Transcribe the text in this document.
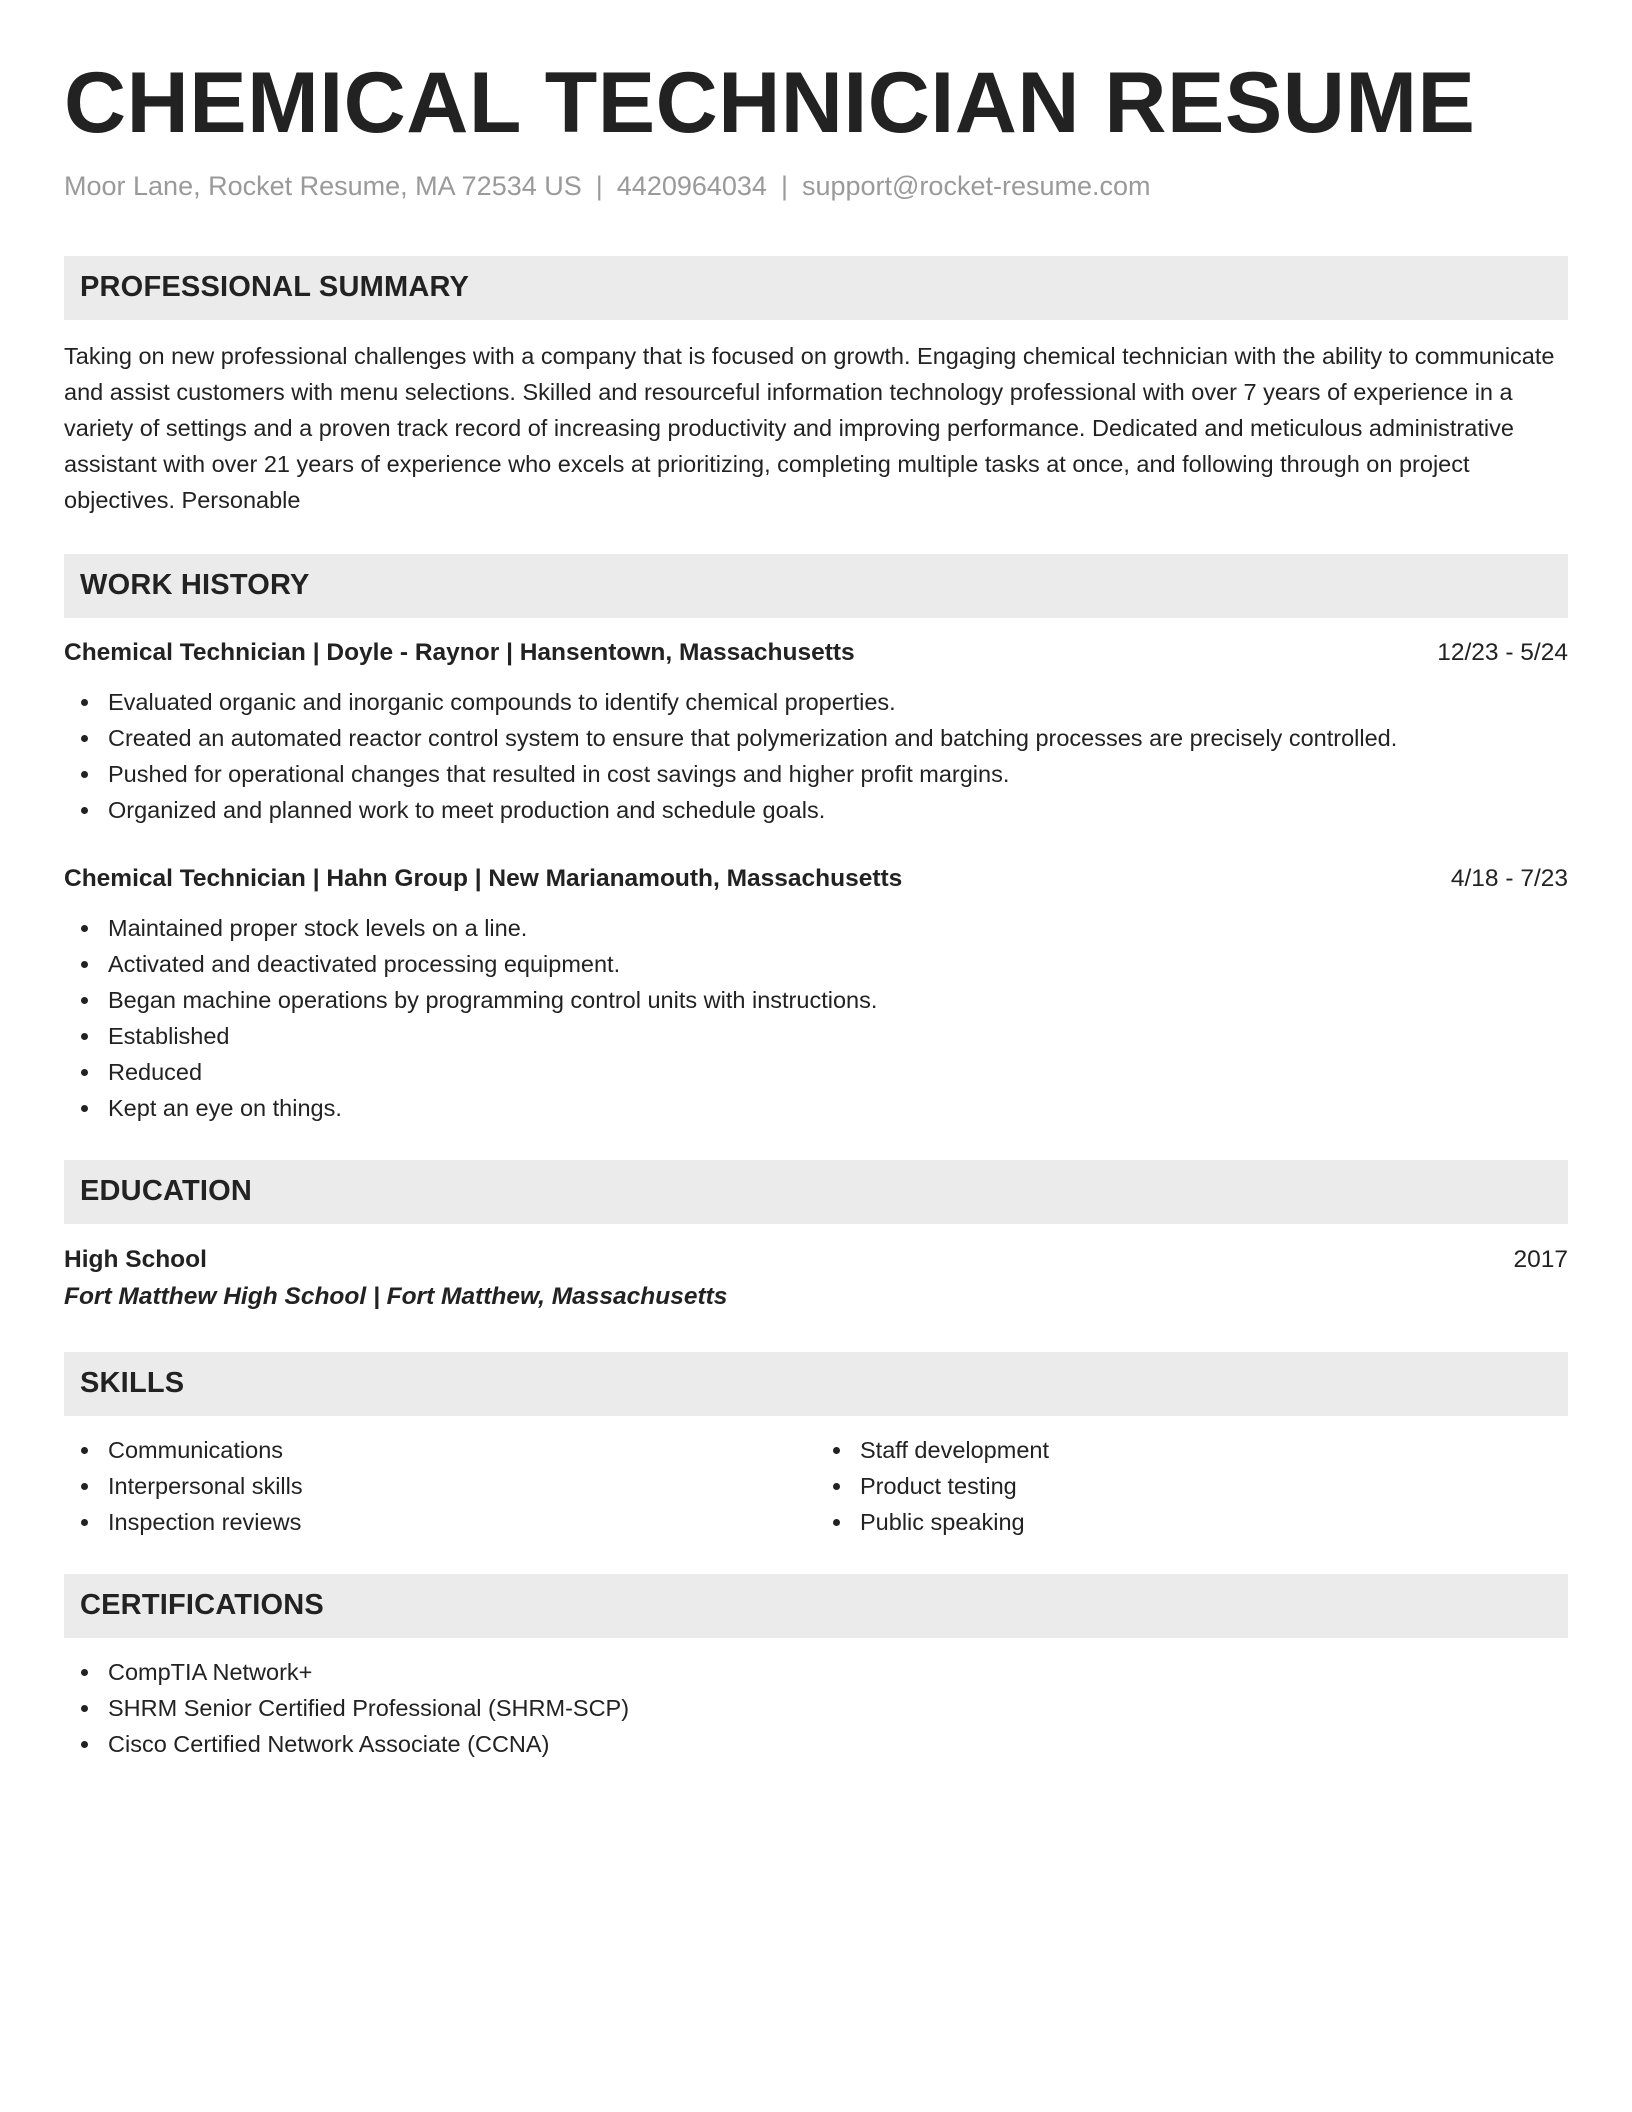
CHEMICAL TECHNICIAN RESUME
Moor Lane, Rocket Resume, MA 72534 US | 4420964034 | support@rocket-resume.com
PROFESSIONAL SUMMARY

Taking on new professional challenges with a company that is focused on growth. Engaging chemical technician with the ability to communicate and assist customers with menu selections. Skilled and resourceful information technology professional with over 7 years of experience in a variety of settings and a proven track record of increasing productivity and improving performance. Dedicated and meticulous administrative assistant with over 21 years of experience who excels at prioritizing, completing multiple tasks at once, and following through on project objectives. Personable

WORK HISTORY
Chemical Technician | Doyle - Raynor | Hansentown, Massachusetts	12/23 - 5/24
Evaluated organic and inorganic compounds to identify chemical properties.
Created an automated reactor control system to ensure that polymerization and batching processes are precisely controlled.
Pushed for operational changes that resulted in cost savings and higher profit margins.
Organized and planned work to meet production and schedule goals.
Chemical Technician | Hahn Group | New Marianamouth, Massachusetts	4/18 - 7/23
Maintained proper stock levels on a line.
Activated and deactivated processing equipment.
Began machine operations by programming control units with instructions.
Established
Reduced
Kept an eye on things.
EDUCATION
High School	2017
Fort Matthew High School | Fort Matthew, Massachusetts
SKILLS
Communications
Interpersonal skills
Inspection reviews
Staff development
Product testing
Public speaking
CERTIFICATIONS
CompTIA Network+
SHRM Senior Certified Professional (SHRM-SCP)
Cisco Certified Network Associate (CCNA)
